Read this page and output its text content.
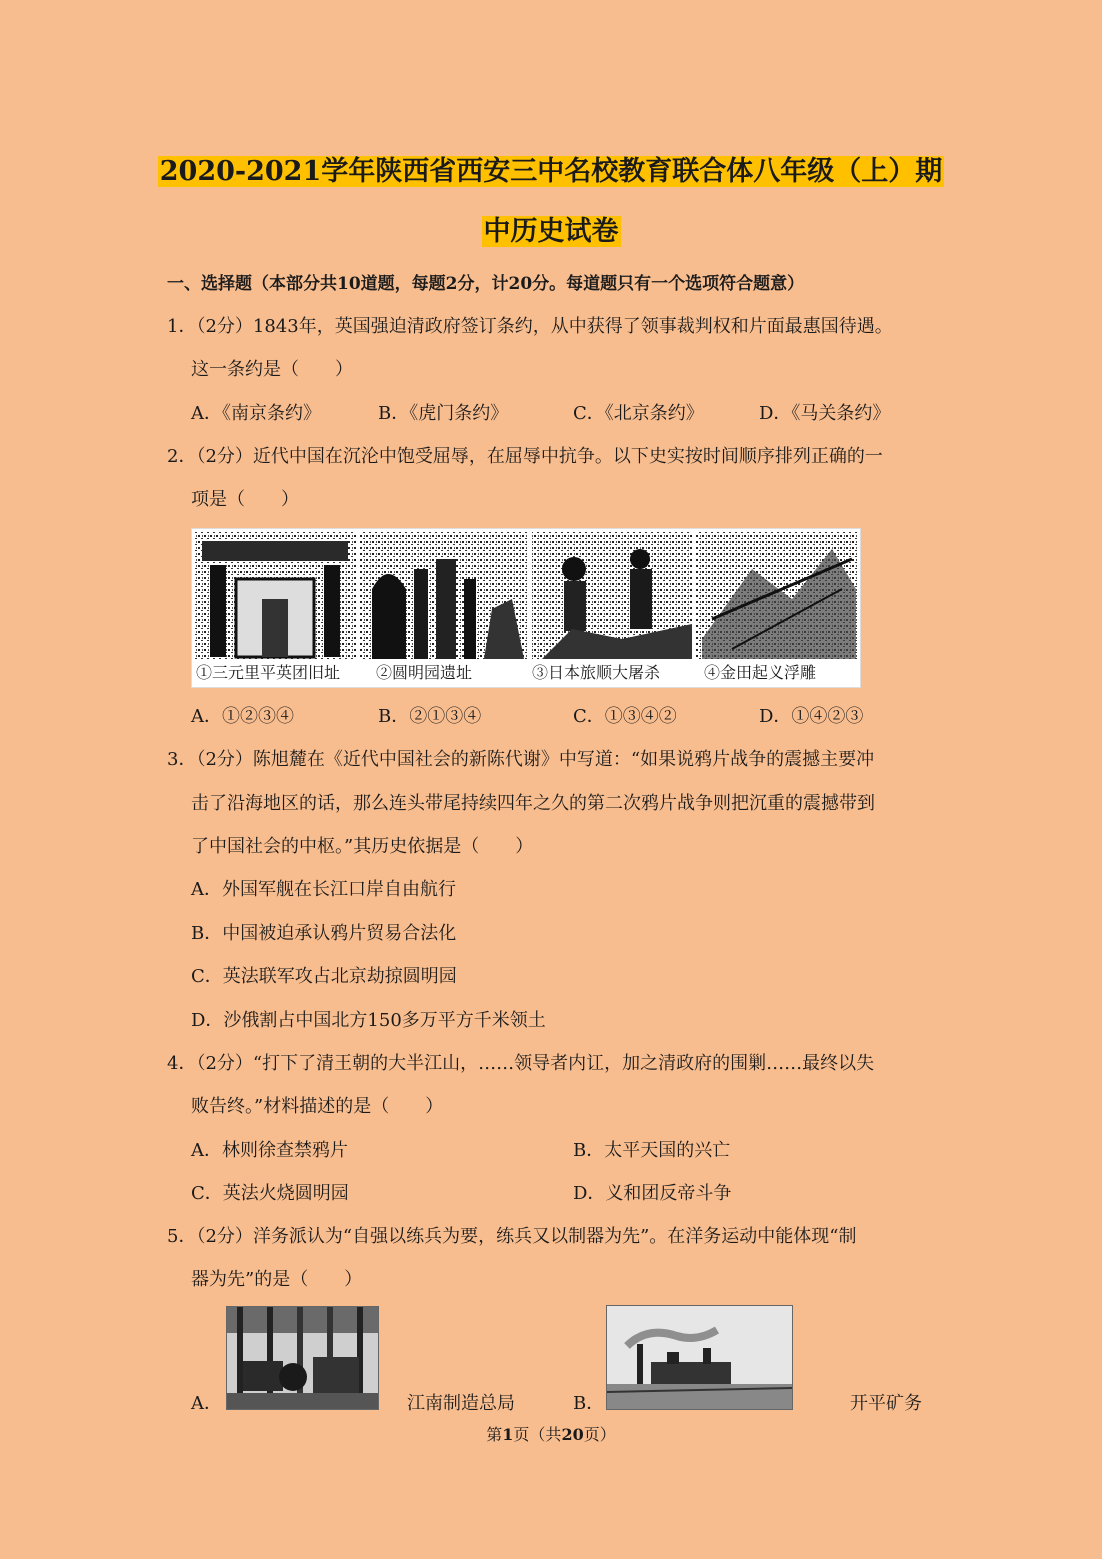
2020-2021学年陕西省西安三中名校教育联合体八年级（上）期
中历史试卷
一、选择题（本部分共10道题，每题2分，计20分。每道题只有一个选项符合题意）
1．（2分）1843年，英国强迫清政府签订条约，从中获得了领事裁判权和片面最惠国待遇。
这一条约是（　　）
A．《南京条约》	B．《虎门条约》	C．《北京条约》	D．《马关条约》
2．（2分）近代中国在沉沦中饱受屈辱，在屈辱中抗争。以下史实按时间顺序排列正确的一
项是（　　）
①三元里平英团旧址 ②圆明园遗址	③日本旅顺大屠杀	④金田起义浮雕
A．①②③④	B．②①③④	C．①③④②	D．①④②③
3．（2分）陈旭麓在《近代中国社会的新陈代谢》中写道：“如果说鸦片战争的震撼主要冲
击了沿海地区的话，那么连头带尾持续四年之久的第二次鸦片战争则把沉重的震撼带到
了中国社会的中枢。”其历史依据是（　　）
A．外国军舰在长江口岸自由航行
B．中国被迫承认鸦片贸易合法化
C．英法联军攻占北京劫掠圆明园
D．沙俄割占中国北方150多万平方千米领土
4．（2分）“打下了清王朝的大半江山，……领导者内讧，加之清政府的围剿……最终以失
败告终。”材料描述的是（　　）
A．林则徐查禁鸦片	B．太平天国的兴亡
C．英法火烧圆明园	D．义和团反帝斗争
5．（2分）洋务派认为“自强以练兵为要，练兵又以制器为先”。在洋务运动中能体现“制
器为先”的是（　　）
A．	江南制造总局	B．	开平矿务
第1页（共20页）
